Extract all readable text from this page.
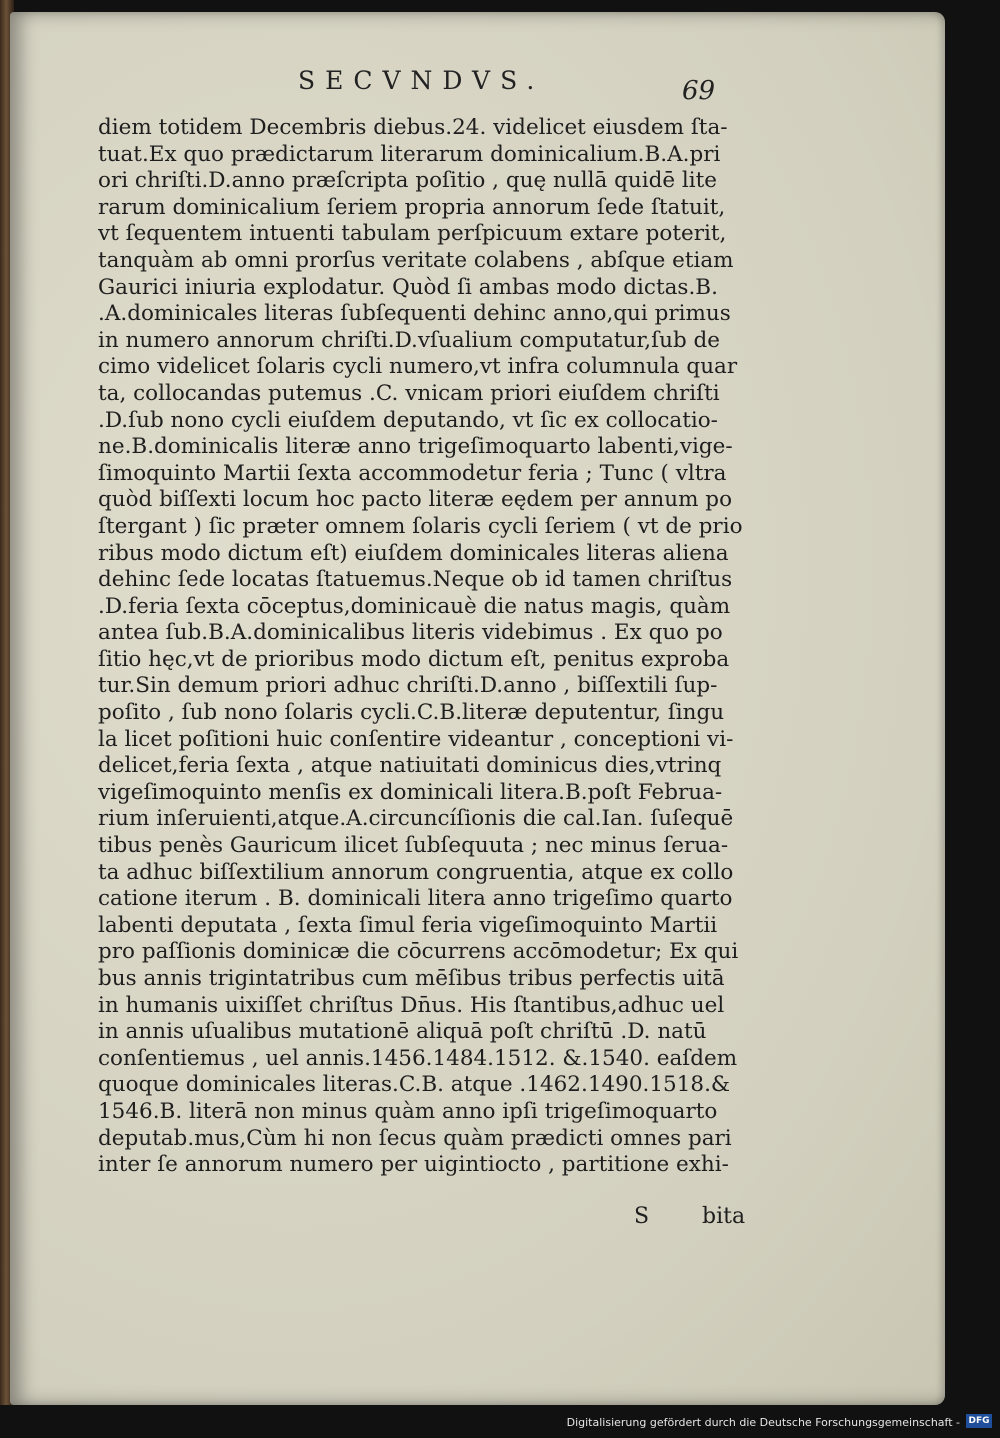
SECVNDVS.	69
diem totidem Decembris diebus.24. videlicet eiusdem ſta-
tuat.Ex quo prædictarum literarum dominicalium.B.A.pri
ori chriſti.D.anno præſcripta poſitio , quę nullā quidē lite
rarum dominicalium ſeriem propria annorum ſede ſtatuit,
vt ſequentem intuenti tabulam perſpicuum extare poterit,
tanquàm ab omni prorſus veritate colabens , abſque etiam
Gaurici iniuria explodatur. Quòd ſi ambas modo dictas.B.
.A.dominicales literas ſubſequenti dehinc anno,qui primus
in numero annorum chriſti.D.vſualium computatur,ſub de
cimo videlicet ſolaris cycli numero,vt infra columnula quar
ta, collocandas putemus .C. vnicam priori eiuſdem chriſti
.D.ſub nono cycli eiuſdem deputando, vt ſic ex collocatio-
ne.B.dominicalis literæ anno trigeſimoquarto labenti,vige-
ſimoquinto Martii ſexta accommodetur feria ; Tunc ( vltra
quòd biſſexti locum hoc pacto literæ eędem per annum po
ſtergant ) ſic præter omnem ſolaris cycli ſeriem ( vt de prio
ribus modo dictum eſt) eiuſdem dominicales literas aliena
dehinc ſede locatas ſtatuemus.Neque ob id tamen chriſtus
.D.feria ſexta cōceptus,dominicauè die natus magis, quàm
antea ſub.B.A.dominicalibus literis videbimus . Ex quo po
ſitio hęc,vt de prioribus modo dictum eſt, penitus exproba
tur.Sin demum priori adhuc chriſti.D.anno , biſſextili ſup-
poſito , ſub nono ſolaris cycli.C.B.literæ deputentur, ſingu
la licet poſitioni huic conſentire videantur , conceptioni vi-
delicet,feria ſexta , atque natiuitati dominicus dies,vtrinq
vigeſimoquinto menſis ex dominicali litera.B.poſt Februa-
rium inſeruienti,atque.A.circuncíſionis die cal.Ian. ſuſequē
tibus penès Gauricum ilicet ſubſequuta ; nec minus ſerua-
ta adhuc biſſextilium annorum congruentia, atque ex collo
catione iterum . B. dominicali litera anno trigeſimo quarto
labenti deputata , ſexta ſimul feria vigeſimoquinto Martii
pro paſſionis dominicæ die cōcurrens accōmodetur; Ex qui
bus annis trigintatribus cum mēſibus tribus perfectis uitā
in humanis uixiſſet chriſtus Dn̄us. His ſtantibus,adhuc uel
in annis uſualibus mutationē aliquā poſt chriſtū .D. natū
conſentiemus , uel annis.1456.1484.1512. &.1540. eaſdem
quoque dominicales literas.C.B. atque .1462.1490.1518.&
1546.B. literā non minus quàm anno ipſi trigeſimoquarto
deputab.mus,Cùm hi non ſecus quàm prædicti omnes pari
inter ſe annorum numero per uigintiocto , partitione exhi-
S bita
Digitalisierung gefördert durch die Deutsche Forschungsgemeinschaft - DFG
